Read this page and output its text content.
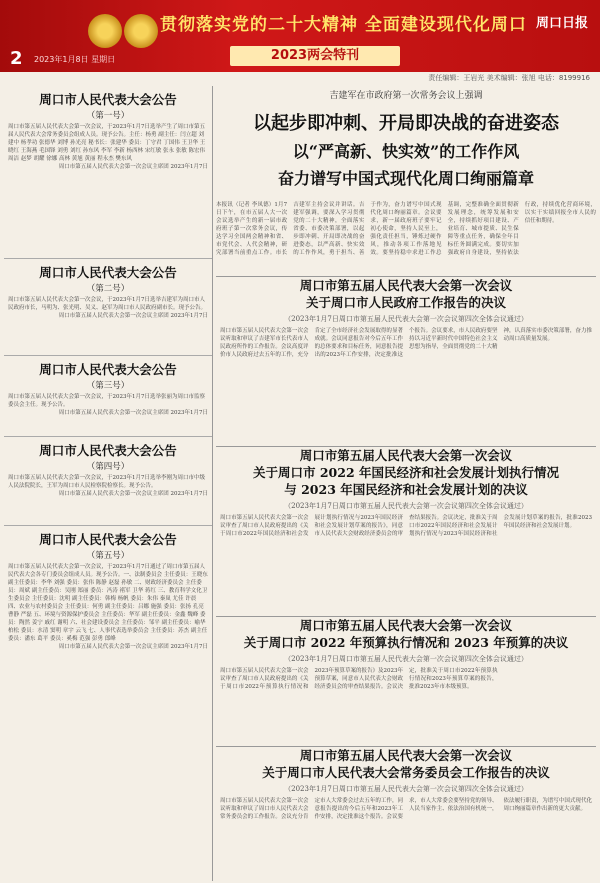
贯彻落实党的二十大精神 全面建设现代化周口
2023两会特刊
周口日报
2 2023年1月8日 星期日
责任编辑：王岩光 美术编辑：张旭 电话：8199916
周口市人民代表大会公告
（第一号）
周口市第五届人民代表大会第一次会议，于2023年1月7日选举产生了周口市第五届人民代表大会常务委员会组成人员。现予公告。主任：杨勇 副主任：闫立超 刘建中 杨孝功 张德华 刘博 孙光亮 秘书长：张建华 委员：丁守君 丁国伟 王卫华 王晓红 王海燕 毛国锋 刘勇 刘红 孙东风 李军 李新 杨西林 宋红敏 张永 张敏 陈宏伟 周洁 赵梦 胡耀 徐娜 高林 黄旭 黄丽 程永杰 樊东风
周口市第五届人民代表大会第一次会议主席团 2023年1月7日
周口市人民代表大会公告
（第二号）
周口市第五届人民代表大会第一次会议，于2023年1月7日选举吉建军为周口市人民政府市长，马明为、张光明、吴义、赵军为周口市人民政府副市长。现予公告。
周口市第五届人民代表大会第一次会议主席团 2023年1月7日
周口市人民代表大会公告
（第三号）
周口市第五届人民代表大会第一次会议，于2023年1月7日选举张丽为周口市监察委员会主任。现予公告。
周口市第五届人民代表大会第一次会议主席团 2023年1月7日
周口市人民代表大会公告
（第四号）
周口市第五届人民代表大会第一次会议，于2023年1月7日选举李刚为周口市中级人民法院院长，王军为周口市人民检察院检察长。现予公告。
周口市第五届人民代表大会第一次会议主席团 2023年1月7日
周口市人民代表大会公告
（第五号）
周口市第五届人民代表大会第一次会议，于2023年1月7日通过了周口市第五届人民代表大会各专门委员会组成人员。现予公告。一、法制委员会 主任委员：王晓东 副主任委员：李华 刘强 委员：张伟 陈静 赵磊 孙敏 二、财政经济委员会 主任委员：周斌 副主任委员：吴刚 郑丽 委员：冯涛 褚军 卫华 蒋红 三、教育科学文化卫生委员会 主任委员：沈明 副主任委员：韩梅 杨帆 委员：朱伟 秦岚 尤佳 许晨 四、农业与农村委员会 主任委员：何勇 副主任委员：吕娜 施强 委员：张扬 孔亮 曹静 严磊 五、环境与资源保护委员会 主任委员：华军 副主任委员：金鑫 魏峰 委员：陶然 姜宁 戚红 谢明 六、社会建设委员会 主任委员：邹平 副主任委员：喻华 柏松 委员：水清 窦明 章宇 云飞 七、人事代表选举委员会 主任委员：苏杰 副主任委员：潘东 葛平 委员：奚梅 范强 彭勇 郎峰
周口市第五届人民代表大会第一次会议主席团 2023年1月7日
吉建军在市政府第一次常务会议上强调
以起步即冲刺、开局即决战的奋进姿态
以“严高新、快实效”的工作作风
奋力谱写中国式现代化周口绚丽篇章
本报讯（记者 李凤德）1月7日下午，在市五届人大一次会议选举产生的新一届市政府班子第一次常务会议，传达学习全国两会精神和省、市党代会、人代会精神，研究部署当前重点工作。市长吉建军主持会议并讲话。吉建军强调，要深入学习贯彻党的二十大精神，全面落实省委、市委决策部署，以起步即冲刺、开局即决战的奋进姿态，以严高新、快实效的工作作风，勇于担当、善于作为，奋力谱写中国式现代化周口绚丽篇章。会议要求，新一届政府班子要牢记初心使命，坚持人民至上，强化责任担当，锤炼过硬作风，推动各项工作落地见效。要坚持稳中求进工作总基调，完整准确全面贯彻新发展理念，统筹发展和安全，持续抓好项目建设、产业培育、城市提质、民生保障等重点任务，确保全年目标任务圆满完成。要切实加强政府自身建设，坚持依法行政，持续优化营商环境，以实干实绩回报全市人民的信任和期待。
周口市第五届人民代表大会第一次会议
关于周口市人民政府工作报告的决议
（2023年1月7日周口市第五届人民代表大会第一次会议第四次全体会议通过）
周口市第五届人民代表大会第一次会议听取和审议了吉建军市长代表市人民政府所作的工作报告。会议高度评价市人民政府过去五年的工作，充分肯定了全市经济社会发展取得的显著成就。会议同意报告对今后五年工作的总体要求和目标任务，同意报告提出的2023年工作安排，决定批准这个报告。会议要求，市人民政府要坚持以习近平新时代中国特色社会主义思想为指导，全面贯彻党的二十大精神，认真落实市委决策部署，奋力推动周口高质量发展。
周口市第五届人民代表大会第一次会议
关于周口市 2022 年国民经济和社会发展计划执行情况
与 2023 年国民经济和社会发展计划的决议
（2023年1月7日周口市第五届人民代表大会第一次会议第四次全体会议通过）
周口市第五届人民代表大会第一次会议审查了周口市人民政府提出的《关于周口市2022年国民经济和社会发展计划执行情况与2023年国民经济和社会发展计划草案的报告》，同意市人民代表大会财政经济委员会的审查结果报告。会议决定，批准关于周口市2022年国民经济和社会发展计划执行情况与2023年国民经济和社会发展计划草案的报告，批准2023年国民经济和社会发展计划。
周口市第五届人民代表大会第一次会议
关于周口市 2022 年预算执行情况和 2023 年预算的决议
（2023年1月7日周口市第五届人民代表大会第一次会议第四次全体会议通过）
周口市第五届人民代表大会第一次会议审查了周口市人民政府提出的《关于周口市2022年预算执行情况和2023年预算草案的报告》及2023年预算草案，同意市人民代表大会财政经济委员会的审查结果报告。会议决定，批准关于周口市2022年预算执行情况和2023年预算草案的报告，批准2023年市本级预算。
周口市第五届人民代表大会第一次会议
关于周口市人民代表大会常务委员会工作报告的决议
（2023年1月7日周口市第五届人民代表大会第一次会议第四次全体会议通过）
周口市第五届人民代表大会第一次会议听取和审议了周口市人民代表大会常务委员会的工作报告。会议充分肯定市人大常委会过去五年的工作，同意报告提出的今后五年和2023年工作安排，决定批准这个报告。会议要求，市人大常委会要坚持党的领导、人民当家作主、依法治国有机统一，依法履行职责，为谱写中国式现代化周口绚丽篇章作出新的更大贡献。
